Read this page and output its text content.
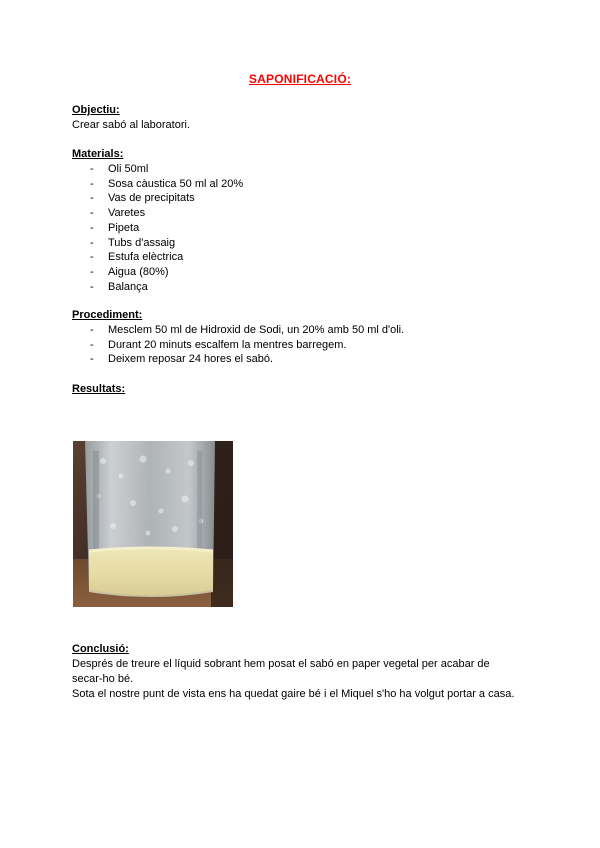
SAPONIFICACIÓ:
Objectiu:
Crear sabó al laboratori.
Materials:
- Oli 50ml
- Sosa càustica 50 ml al 20%
- Vas de precipitats
- Varetes
- Pipeta
- Tubs d'assaig
- Estufa elèctrica
- Aigua (80%)
- Balança
Procediment:
- Mesclem 50 ml de Hidroxid de Sodi, un 20% amb 50 ml d'oli.
- Durant 20 minuts escalfem la mentres barregem.
- Deixem reposar 24 hores el sabó.
Resultats:
Conclusió:
Després de treure el líquid sobrant hem posat el sabó en paper vegetal per acabar de
secar-ho bé.
Sota el nostre punt de vista ens ha quedat gaire bé i el Miquel s'ho ha volgut portar a casa.
